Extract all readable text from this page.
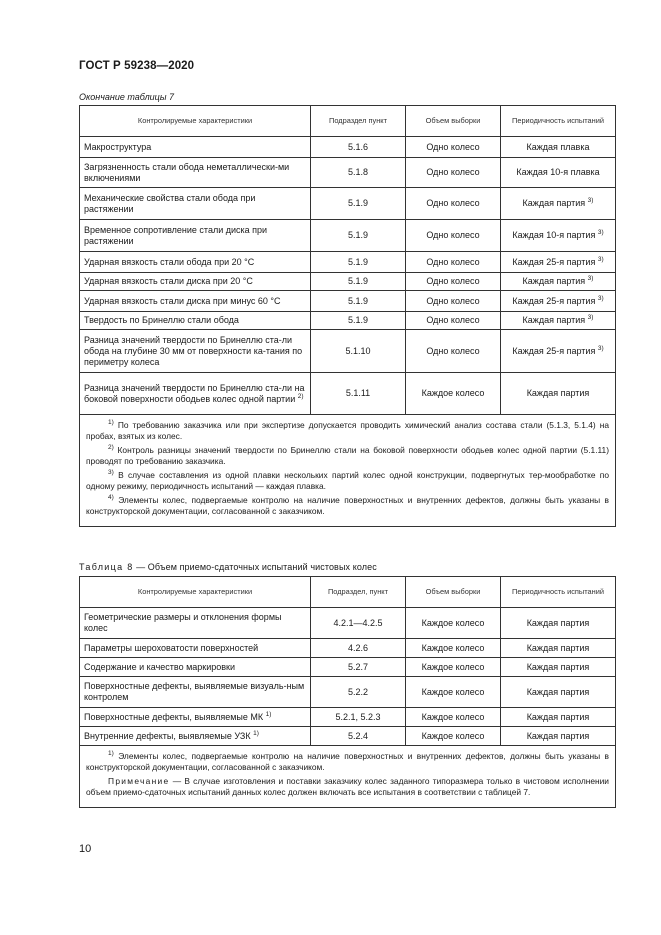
ГОСТ Р 59238—2020
Окончание таблицы 7
Контролируемые характеристики	Подраздел пункт	Объем выборки	Периодичность испытаний
Макроструктура	5.1.6	Одно колесо	Каждая плавка
Загрязненность стали обода неметаллически-ми включениями	5.1.8	Одно колесо	Каждая 10-я плавка
Механические свойства стали обода при растяжении	5.1.9	Одно колесо	Каждая партия $^{3)}$
Временное сопротивление стали диска при растяжении	5.1.9	Одно колесо	Каждая 10-я партия $^{3)}$
Ударная вязкость стали обода при 20 °С	5.1.9	Одно колесо	Каждая 25-я партия $^{3)}$
Ударная вязкость стали диска при 20 °С	5.1.9	Одно колесо	Каждая партия $^{3)}$
Ударная вязкость стали диска при минус 60 °С	5.1.9	Одно колесо	Каждая 25-я партия $^{3)}$
Твердость по Бринеллю стали обода	5.1.9	Одно колесо	Каждая партия $^{3)}$
Разница значений твердости по Бринеллю ста-ли обода на глубине 30 мм от поверхности ка-тания по периметру колеса	5.1.10	Одно колесо	Каждая 25-я партия $^{3)}$
Разница значений твердости по Бринеллю ста-ли на боковой поверхности ободьев колес одной партии $^{2)}$	5.1.11	Каждое колесо	Каждая партия

$^{1)}$ По требованию заказчика или при экспертизе допускается проводить химический анализ состава стали (5.1.3, 5.1.4) на пробах, взятых из колес.

$^{2)}$ Контроль разницы значений твердости по Бринеллю стали на боковой поверхности ободьев колес одной партии (5.1.11) проводят по требованию заказчика.

$^{3)}$ В случае составления из одной плавки нескольких партий колес одной конструкции, подвергнутых тер-мообработке по одному режиму, периодичность испытаний — каждая плавка.

$^{4)}$ Элементы колес, подвергаемые контролю на наличие поверхностных и внутренних дефектов, должны быть указаны в конструкторской документации, согласованной с заказчиком.			

Таблица 8 — Объем приемо-сдаточных испытаний чистовых колес
Контролируемые характеристики	Подраздел, пункт	Объем выборки	Периодичность испытаний
Геометрические размеры и отклонения формы колес	4.2.1—4.2.5	Каждое колесо	Каждая партия
Параметры шероховатости поверхностей	4.2.6	Каждое колесо	Каждая партия
Содержание и качество маркировки	5.2.7	Каждое колесо	Каждая партия
Поверхностные дефекты, выявляемые визуаль-ным контролем	5.2.2	Каждое колесо	Каждая партия
Поверхностные дефекты, выявляемые МК $^{1)}$	5.2.1, 5.2.3	Каждое колесо	Каждая партия
Внутренние дефекты, выявляемые УЗК $^{1)}$	5.2.4	Каждое колесо	Каждая партия

$^{1)}$ Элементы колес, подвергаемые контролю на наличие поверхностных и внутренних дефектов, должны быть указаны в конструкторской документации, согласованной с заказчиком.

Примечание — В случае изготовления и поставки заказчику колес заданного типоразмера только в чистовом исполнении объем приемо-сдаточных испытаний данных колес должен включать все испытания в соответствии с таблицей 7.			

10
